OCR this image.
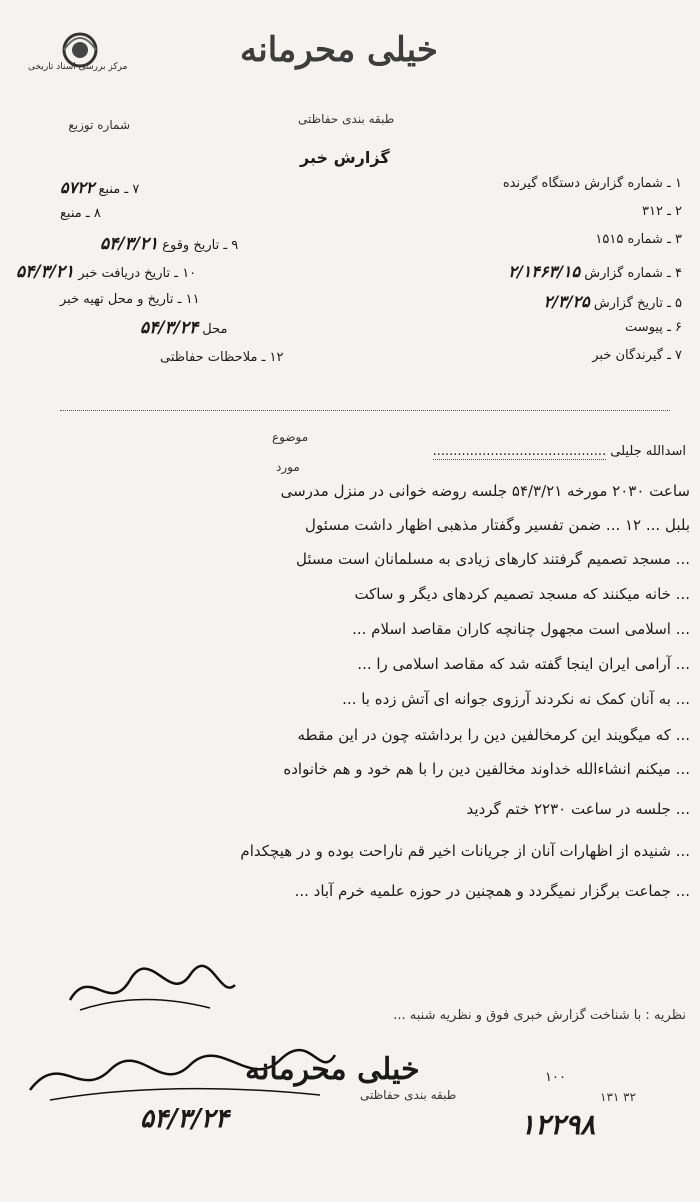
مرکز بررسی اسناد تاریخی	خیلی محرمانه
شماره توزیع	طبقه بندی حفاظتی
گزارش خبر
۱ ـ شماره گزارش دستگاه گیرنده
۲ ـ ۳۱۲
۳ ـ شماره ۱۵۱۵
۴ ـ شماره گزارش ۲/۱۴۶۳/۱۵
۵ ـ تاریخ گزارش ۲/۳/۲۵
۶ ـ پیوست
۷ ـ گیرندگان خبر
۷ ـ منبع ۵۷۲۲
۸ ـ منبع
۹ ـ تاریخ وقوع ۵۴/۳/۲۱
۱۰ ـ تاریخ دریافت خبر ۵۴/۳/۲۱
۱۱ ـ تاریخ و محل تهیه خبر
محل ۵۴/۳/۲۴
۱۲ ـ ملاحظات حفاظتی
اسدالله جلیلی ..........................................
موضوع
مورد
ساعت ۲۰۳۰ مورخه ۵۴/۳/۲۱ جلسه روضه خوانی در منزل مدرسی
بلبل ... ۱۲ ... ضمن تفسیر وگفتار مذهبی اظهار داشت مسئول
... مسجد تصمیم گرفتند کارهای زیادی به مسلمانان است مسئل
... خانه میکنند که مسجد تصمیم کردهای دیگر و ساکت
... اسلامی است مجهول چنانچه کاران مقاصد اسلام ...
... آرامی ایران اینجا گفته شد که مقاصد اسلامی را ...
... به آنان کمک نه نکردند آرزوی جوانه ای آتش زده با ...
... که میگویند این کرمخالفین دین را برداشته چون در این مقطه
... میکنم انشاءالله خداوند مخالفین دین را با هم خود و هم خانواده
... جلسه در ساعت ۲۲۳۰ ختم گردید
... شنیده از اظهارات آنان از جریانات اخیر قم ناراحت بوده و در هیچکدام
... جماعت برگزار نمیگردد و همچنین در حوزه علمیه خرم آباد ...
نظریه : با شناخت گزارش خبری فوق و نظریه شنبه ...
خیلی محرمانه
طبقه بندی حفاظتی
۵۴/۳/۲۴	۱۲۲۹۸
۱۰۰
۳۲ ۱۳۱
